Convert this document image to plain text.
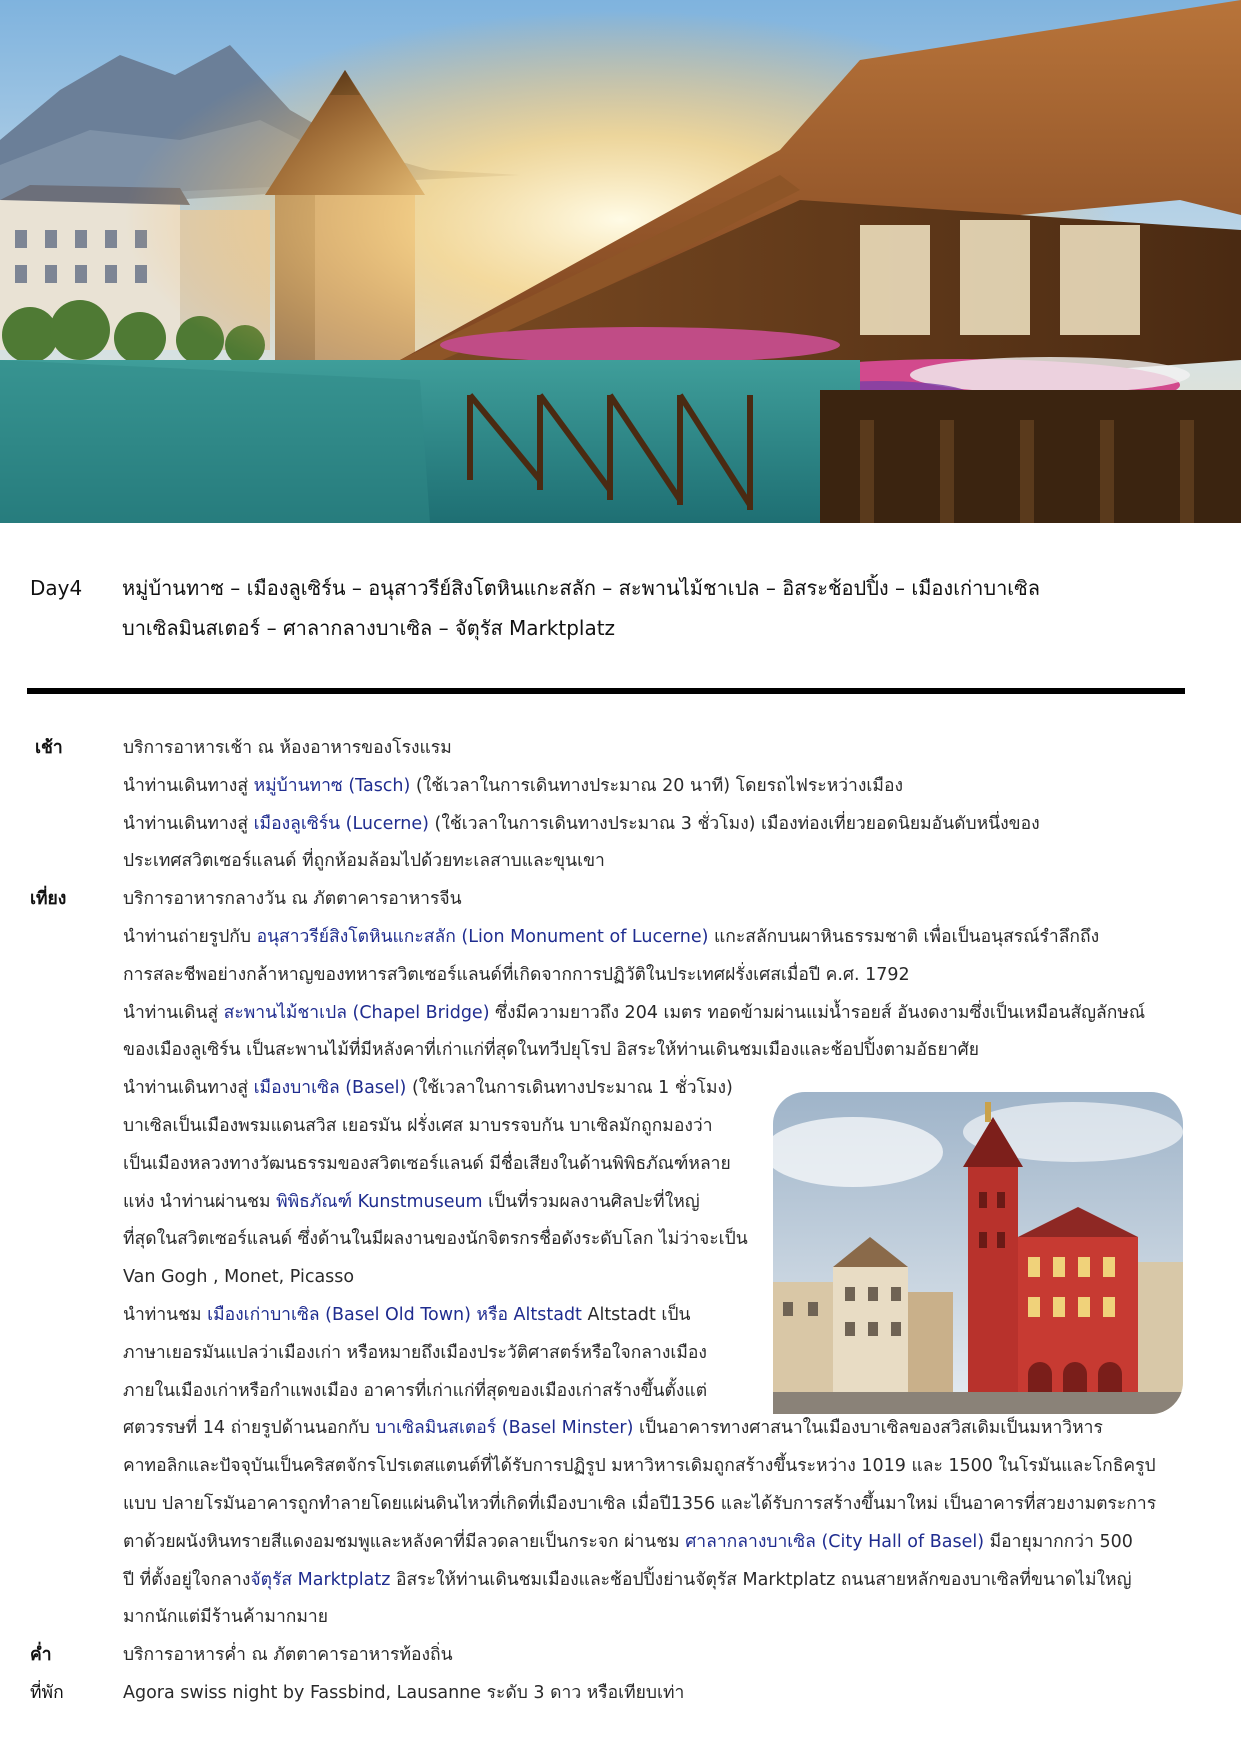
Day4 หมู่บ้านทาซ – เมืองลูเซิร์น – อนุสาวรีย์สิงโตหินแกะสลัก – สะพานไม้ชาเปล – อิสระช้อปปิ้ง – เมืองเก่าบาเซิล
บาเซิลมินสเตอร์ – ศาลากลางบาเซิล – จัตุรัส Marktplatz
เช้า	บริการอาหารเช้า ณ ห้องอาหารของโรงแรม
นำท่านเดินทางสู่ หมู่บ้านทาซ (Tasch) (ใช้เวลาในการเดินทางประมาณ 20 นาที) โดยรถไฟระหว่างเมือง
นำท่านเดินทางสู่ เมืองลูเซิร์น (Lucerne) (ใช้เวลาในการเดินทางประมาณ 3 ชั่วโมง) เมืองท่องเที่ยวยอดนิยมอันดับหนึ่งของ
ประเทศสวิตเซอร์แลนด์ ที่ถูกห้อมล้อมไปด้วยทะเลสาบและขุนเขา
เที่ยง	บริการอาหารกลางวัน ณ ภัตตาคารอาหารจีน
นำท่านถ่ายรูปกับ อนุสาวรีย์สิงโตหินแกะสลัก (Lion Monument of Lucerne) แกะสลักบนผาหินธรรมชาติ เพื่อเป็นอนุสรณ์รำลึกถึง
การสละชีพอย่างกล้าหาญของทหารสวิตเซอร์แลนด์ที่เกิดจากการปฏิวัติในประเทศฝรั่งเศสเมื่อปี ค.ศ. 1792
นำท่านเดินสู่ สะพานไม้ชาเปล (Chapel Bridge) ซึ่งมีความยาวถึง 204 เมตร ทอดข้ามผ่านแม่น้ำรอยส์ อันงดงามซึ่งเป็นเหมือนสัญลักษณ์
ของเมืองลูเซิร์น เป็นสะพานไม้ที่มีหลังคาที่เก่าแก่ที่สุดในทวีปยุโรป อิสระให้ท่านเดินชมเมืองและช้อปปิ้งตามอัธยาศัย
นำท่านเดินทางสู่ เมืองบาเซิล (Basel) (ใช้เวลาในการเดินทางประมาณ 1 ชั่วโมง)
บาเซิลเป็นเมืองพรมแดนสวิส เยอรมัน ฝรั่งเศส มาบรรจบกัน บาเซิลมักถูกมองว่า
เป็นเมืองหลวงทางวัฒนธรรมของสวิตเซอร์แลนด์ มีชื่อเสียงในด้านพิพิธภัณฑ์หลาย
แห่ง นำท่านผ่านชม พิพิธภัณฑ์ Kunstmuseum เป็นที่รวมผลงานศิลปะที่ใหญ่
ที่สุดในสวิตเซอร์แลนด์ ซึ่งด้านในมีผลงานของนักจิตรกรชื่อดังระดับโลก ไม่ว่าจะเป็น
Van Gogh , Monet, Picasso
นำท่านชม เมืองเก่าบาเซิล (Basel Old Town) หรือ Altstadt Altstadt เป็น
ภาษาเยอรมันแปลว่าเมืองเก่า หรือหมายถึงเมืองประวัติศาสตร์หรือใจกลางเมือง
ภายในเมืองเก่าหรือกำแพงเมือง อาคารที่เก่าแก่ที่สุดของเมืองเก่าสร้างขึ้นตั้งแต่
ศตวรรษที่ 14 ถ่ายรูปด้านนอกกับ บาเซิลมินสเตอร์ (Basel Minster) เป็นอาคารทางศาสนาในเมืองบาเซิลของสวิสเดิมเป็นมหาวิหาร
คาทอลิกและปัจจุบันเป็นคริสตจักรโปรเตสแตนต์ที่ได้รับการปฏิรูป มหาวิหารเดิมถูกสร้างขึ้นระหว่าง 1019 และ 1500 ในโรมันและโกธิครูป
แบบ ปลายโรมันอาคารถูกทำลายโดยแผ่นดินไหวที่เกิดที่เมืองบาเซิล เมื่อปี1356 และได้รับการสร้างขึ้นมาใหม่ เป็นอาคารที่สวยงามตระการ
ตาด้วยผนังหินทรายสีแดงอมชมพูและหลังคาที่มีลวดลายเป็นกระจก ผ่านชม ศาลากลางบาเซิล (City Hall of Basel) มีอายุมากกว่า 500
ปี ที่ตั้งอยู่ใจกลางจัตุรัส Marktplatz อิสระให้ท่านเดินชมเมืองและช้อปปิ้งย่านจัตุรัส Marktplatz ถนนสายหลักของบาเซิลที่ขนาดไม่ใหญ่
มากนักแต่มีร้านค้ามากมาย
ค่ำ	บริการอาหารค่ำ ณ ภัตตาคารอาหารท้องถิ่น
ที่พัก	Agora swiss night by Fassbind, Lausanne ระดับ 3 ดาว หรือเทียบเท่า
